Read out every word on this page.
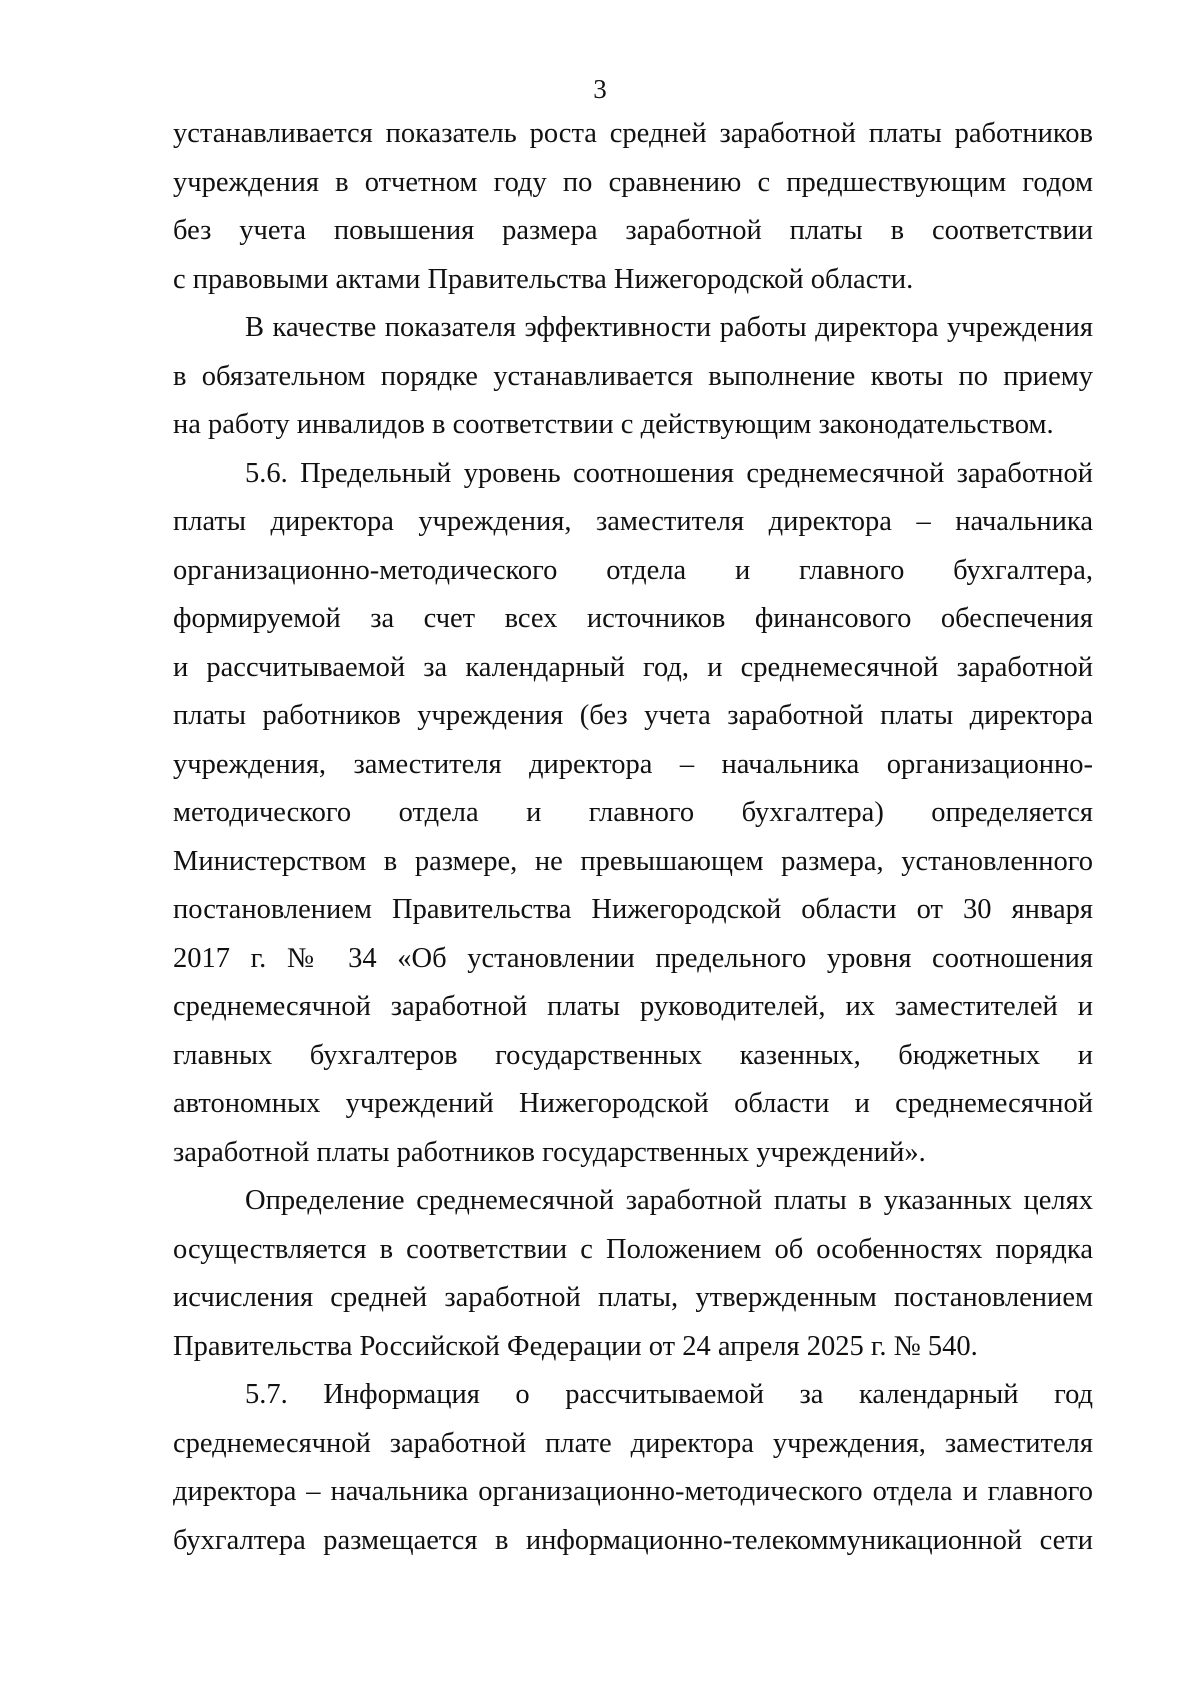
3
устанавливается показатель роста средней заработной платы работников
учреждения в отчетном году по сравнению с предшествующим годом
без учета повышения размера заработной платы в соответствии
с правовыми актами Правительства Нижегородской области.
В качестве показателя эффективности работы директора учреждения
в обязательном порядке устанавливается выполнение квоты по приему
на работу инвалидов в соответствии с действующим законодательством.
5.6. Предельный уровень соотношения среднемесячной заработной
платы директора учреждения, заместителя директора – начальника
организационно-методического отдела и главного бухгалтера,
формируемой за счет всех источников финансового обеспечения
и рассчитываемой за календарный год, и среднемесячной заработной
платы работников учреждения (без учета заработной платы директора
учреждения, заместителя директора – начальника организационно-
методического отдела и главного бухгалтера) определяется
Министерством в размере, не превышающем размера, установленного
постановлением Правительства Нижегородской области от 30 января
2017 г. № 34 «Об установлении предельного уровня соотношения
среднемесячной заработной платы руководителей, их заместителей и
главных бухгалтеров государственных казенных, бюджетных и
автономных учреждений Нижегородской области и среднемесячной
заработной платы работников государственных учреждений».
Определение среднемесячной заработной платы в указанных целях
осуществляется в соответствии с Положением об особенностях порядка
исчисления средней заработной платы, утвержденным постановлением
Правительства Российской Федерации от 24 апреля 2025 г. № 540.
5.7. Информация о рассчитываемой за календарный год
среднемесячной заработной плате директора учреждения, заместителя
директора – начальника организационно-методического отдела и главного
бухгалтера размещается в информационно-телекоммуникационной сети
